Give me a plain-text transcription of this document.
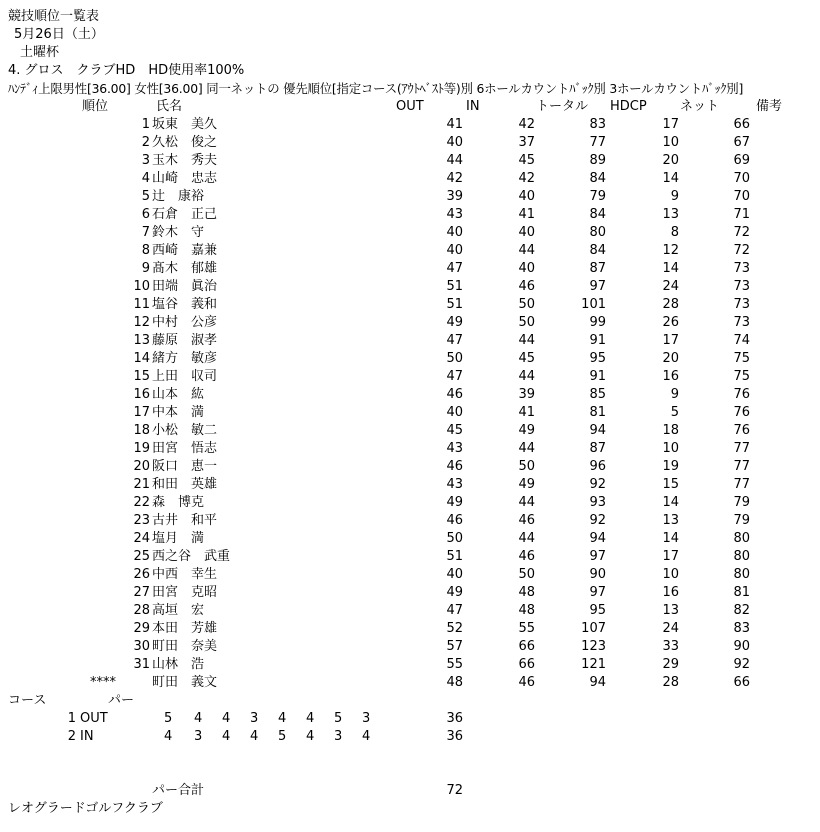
競技順位一覧表
5月26日（土）
土曜杯
4. グロス　クラブHD　HD使用率100%
ﾊﾝﾃﾞｨ上限男性[36.00] 女性[36.00] 同一ネットの 優先順位[指定コース(ｱｳﾄﾍﾞｽﾄ等)別 6ホールカウントﾊﾞｯｸ別 3ホールカウントﾊﾞｯｸ別]
順位	氏名	OUT	IN	トータル HDCP	ネット	備考
1 坂東　美久	41	42	83	17	66
2 久松　俊之	40	37	77	10	67
3 玉木　秀夫	44	45	89	20	69
4 山崎　忠志	42	42	84	14	70
5 辻　康裕	39	40	79	9	70
6 石倉　正己	43	41	84	13	71
7 鈴木　守	40	40	80	8	72
8 西崎　嘉兼	40	44	84	12	72
9 髙木　郁雄	47	40	87	14	73
10 田端　眞治	51	46	97	24	73
11 塩谷　義和	51	50	101	28	73
12 中村　公彦	49	50	99	26	73
13 藤原　淑孝	47	44	91	17	74
14 緒方　敏彦	50	45	95	20	75
15 上田　収司	47	44	91	16	75
16 山本　紘	46	39	85	9	76
17 中本　満	40	41	81	5	76
18 小松　敏二	45	49	94	18	76
19 田宮　悟志	43	44	87	10	77
20 阪口　恵一	46	50	96	19	77
21 和田　英雄	43	49	92	15	77
22 森　博克	49	44	93	14	79
23 古井　和平	46	46	92	13	79
24 塩月　満	50	44	94	14	80
25 西之谷　武重	51	46	97	17	80
26 中西　幸生	40	50	90	10	80
27 田宮　克昭	49	48	97	16	81
28 高垣　宏	47	48	95	13	82
29 本田　芳雄	52	55	107	24	83
30 町田　奈美	57	66	123	33	90
31 山林　浩	55	66	121	29	92
****	町田　義文	48	46	94	28	66
コース	パー
1 OUT	5 4 4 3 4 4 5 3	36
2 IN	4 3 4 4 5 4 3 4	36
パー合計	72
レオグラードゴルフクラブ
